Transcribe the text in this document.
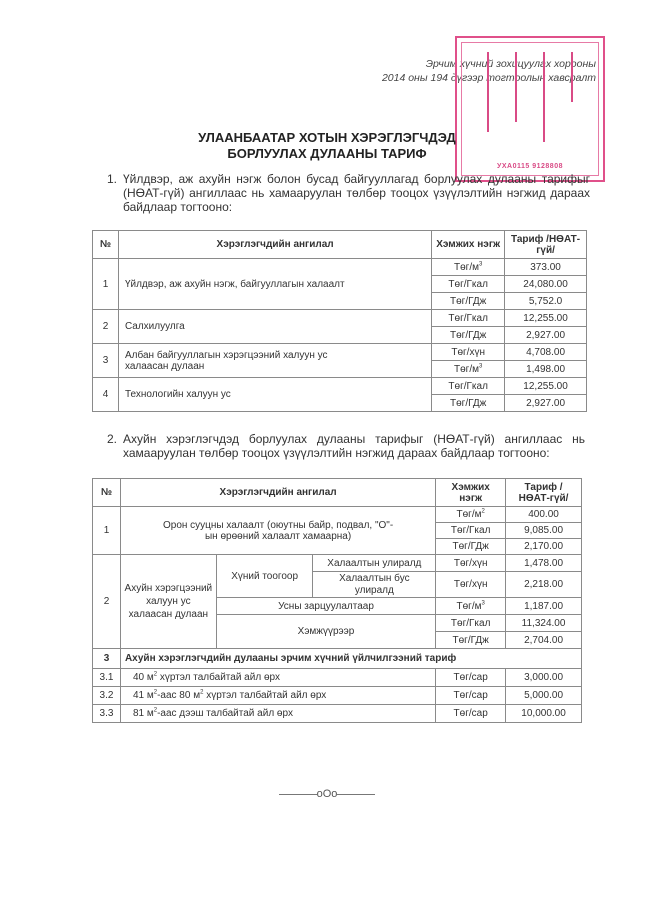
Эрчим хүчний зохицуулах хорооны
2014 оны 194 дүгээр тогтоолын хавсралт
УХА0115 9128808
УЛААНБААТАР ХОТЫН ХЭРЭГЛЭГЧДЭД
БОРЛУУЛАХ ДУЛААНЫ ТАРИФ
1. Үйлдвэр, аж ахуйн нэгж болон бусад байгууллагад борлуулах дулааны тарифыг (НӨАТ-гүй) ангиллаас нь хамааруулан төлбөр тооцох үзүүлэлтийн нэгжид дараах байдлаар тогтооно:
№	Хэрэглэгчдийн ангилал	Хэмжих нэгж	Тариф /НӨАТ-гүй/
1	Үйлдвэр, аж ахуйн нэгж, байгууллагын халаалт	Төг/$м^3$	373.00
		Төг/Гкал	24,080.00
		Төг/ГДж	5,752.0
2	Салхилуулга	Төг/Гкал	12,255.00
		Төг/ГДж	2,927.00
3	Албан байгууллагын хэрэгцээний халуун ус халаасан дулаан	Төг/хүн	4,708.00
		Төг/$м^3$	1,498.00
4	Технологийн халуун ус	Төг/Гкал	12,255.00
		Төг/ГДж	2,927.00
2. Ахуйн хэрэглэгчдэд борлуулах дулааны тарифыг (НӨАТ-гүй) ангиллаас нь хамааруулан төлбөр тооцох үзүүлэлтийн нэгжид дараах байдлаар тогтооно:
№	Хэрэглэгчдийн ангилал			Хэмжих нэгж	Тариф /НӨАТ-гүй/
1	Орон сууцны халаалт (оюутны байр, подвал, "О"-ын өрөөний халаалт хамаарна)			Төг/$м^2$	400.00
				Төг/Гкал	9,085.00
				Төг/ГДж	2,170.00
2	Ахуйн хэрэгцээний халуун ус халаасан дулаан	Хүний тоогоор	Халаалтын улиралд	Төг/хүн	1,478.00
			Халаалтын бус улиралд	Төг/хүн	2,218.00
		Усны зарцуулалтаар		Төг/$м^3$	1,187.00
		Хэмжүүрээр		Төг/Гкал	11,324.00
				Төг/ГДж	2,704.00
3	Ахуйн хэрэглэгчдийн дулааны эрчим хүчний үйлчилгээний тариф				
3.1	40 $м^2$ хүртэл талбайтай айл өрх			Төг/сар	3,000.00
3.2	41 $м^2$-аас 80 $м^2$ хүртэл талбайтай айл өрх			Төг/сар	5,000.00
3.3	81 $м^2$-аас дээш талбайтай айл өрх			Төг/сар	10,000.00
oOo
